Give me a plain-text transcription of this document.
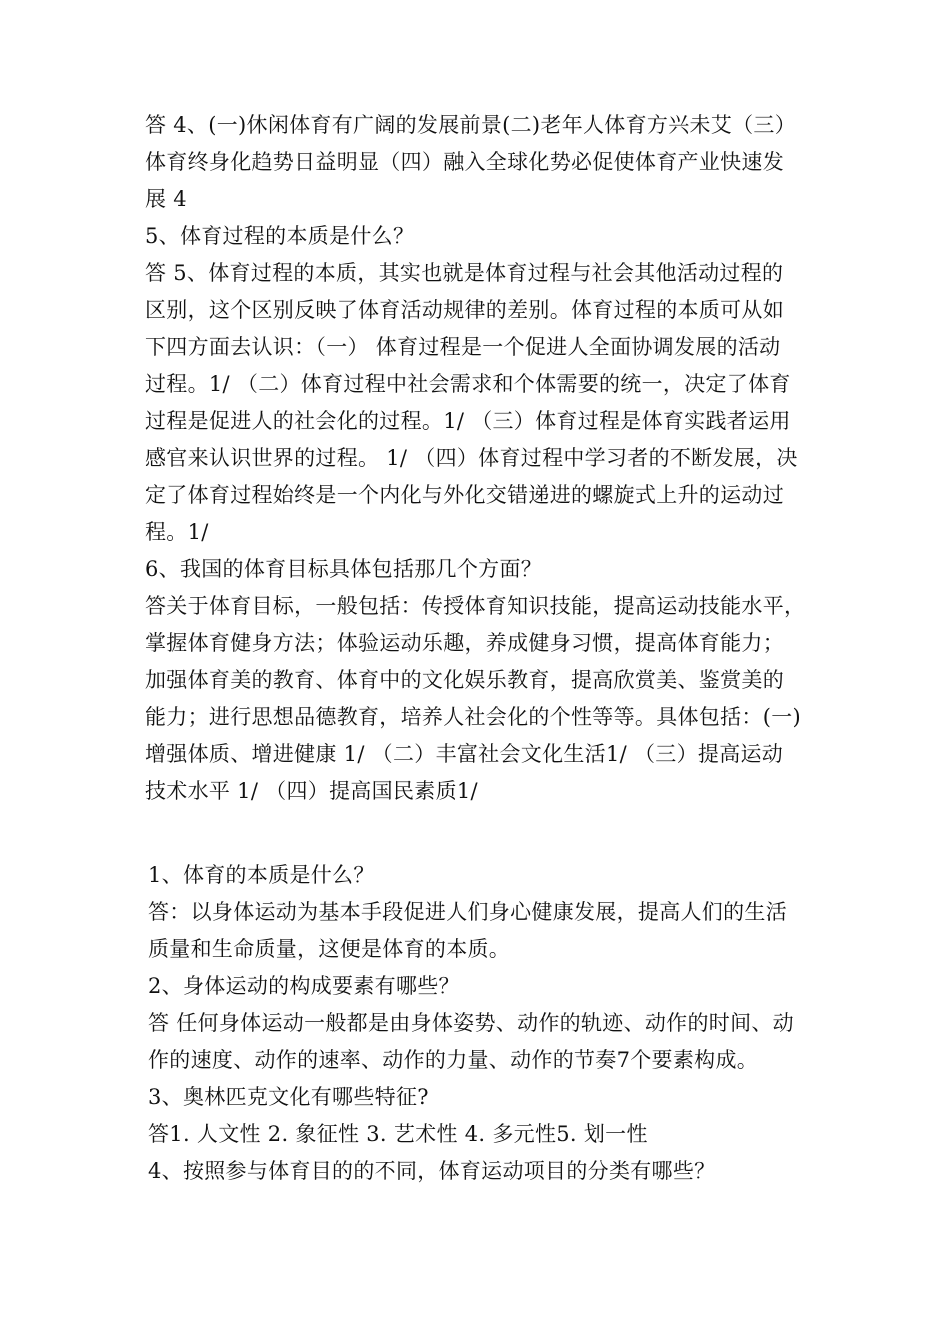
答 4、(一)休闲体育有广阔的发展前景(二)老年人体育方兴未艾（三）
体育终身化趋势日益明显（四）融入全球化势必促使体育产业快速发
展 4
5、体育过程的本质是什么？
答 5、体育过程的本质，其实也就是体育过程与社会其他活动过程的
区别，这个区别反映了体育活动规律的差别。体育过程的本质可从如
下四方面去认识：（一） 体育过程是一个促进人全面协调发展的活动
过程。1/ （二）体育过程中社会需求和个体需要的统一，决定了体育
过程是促进人的社会化的过程。1/ （三）体育过程是体育实践者运用
感官来认识世界的过程。 1/ （四）体育过程中学习者的不断发展，决
定了体育过程始终是一个内化与外化交错递进的螺旋式上升的运动过
程。1/
6、我国的体育目标具体包括那几个方面？
答关于体育目标，一般包括：传授体育知识技能，提高运动技能水平，
掌握体育健身方法；体验运动乐趣，养成健身习惯，提高体育能力；
加强体育美的教育、体育中的文化娱乐教育，提高欣赏美、鉴赏美的
能力；进行思想品德教育，培养人社会化的个性等等。具体包括：(一)
增强体质、增进健康 1/ （二）丰富社会文化生活1/ （三）提高运动
技术水平 1/ （四）提高国民素质1/
1、体育的本质是什么？
答：以身体运动为基本手段促进人们身心健康发展，提高人们的生活
质量和生命质量，这便是体育的本质。
2、身体运动的构成要素有哪些？
答 任何身体运动一般都是由身体姿势、动作的轨迹、动作的时间、动
作的速度、动作的速率、动作的力量、动作的节奏7个要素构成。
3、奥林匹克文化有哪些特征?
答1. 人文性 2. 象征性 3. 艺术性 4. 多元性5. 划一性
4、按照参与体育目的的不同，体育运动项目的分类有哪些？
